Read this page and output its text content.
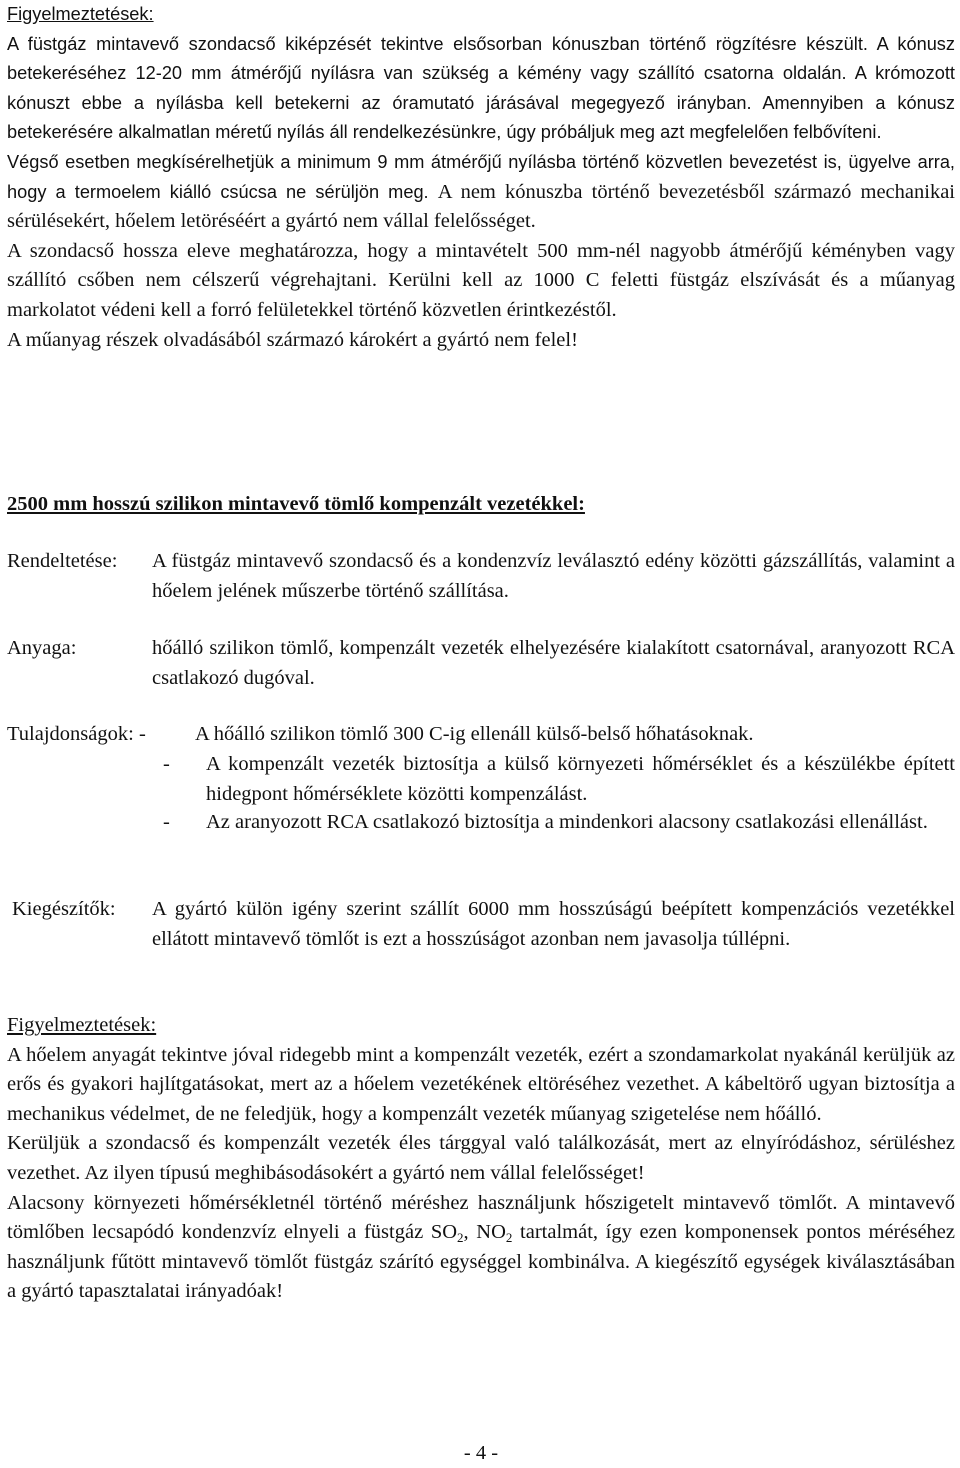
Figyelmeztetések:

A füstgáz mintavevő szondacső kiképzését tekintve elsősorban kónuszban történő rögzítésre készült. A kónusz betekeréséhez 12-20 mm átmérőjű nyílásra van szükség a kémény vagy szállító csatorna oldalán. A krómozott kónuszt ebbe a nyílásba kell betekerni az óramutató járásával megegyező irányban. Amennyiben a kónusz betekerésére alkalmatlan méretű nyílás áll rendelkezésünkre, úgy próbáljuk meg azt megfelelően felbővíteni.

Végső esetben megkísérelhetjük a minimum 9 mm átmérőjű nyílásba történő közvetlen bevezetést is, ügyelve arra, hogy a termoelem kiálló csúcsa ne sérüljön meg. A nem kónuszba történő bevezetésből származó mechanikai sérülésekért, hőelem letöréséért a gyártó nem vállal felelősséget.

A szondacső hossza eleve meghatározza, hogy a mintavételt 500 mm-nél nagyobb átmérőjű kéményben vagy szállító csőben nem célszerű végrehajtani. Kerülni kell az 1000 C feletti füstgáz elszívását és a műanyag markolatot védeni kell a forró felületekkel történő közvetlen érintkezéstől.

A műanyag részek olvadásából származó károkért a gyártó nem felel!

2500 mm hosszú szilikon mintavevő tömlő kompenzált vezetékkel:
Rendeltetése: A füstgáz mintavevő szondacső és a kondenzvíz leválasztó edény közötti gázszállítás, valamint a hőelem jelének műszerbe történő szállítása.
Anyaga:	hőálló szilikon tömlő, kompenzált vezeték elhelyezésére kialakított csatornával, aranyozott RCA csatlakozó dugóval.
Tulajdonságok: - A hőálló szilikon tömlő 300 C-ig ellenáll külső-belső hőhatásoknak.
- A kompenzált vezeték biztosítja a külső környezeti hőmérséklet és a készülékbe épített hidegpont hőmérséklete közötti kompenzálást.
- Az aranyozott RCA csatlakozó biztosítja a mindenkori alacsony csatlakozási ellenállást.
Kiegészítők: A gyártó külön igény szerint szállít 6000 mm hosszúságú beépített kompenzációs vezetékkel ellátott mintavevő tömlőt is ezt a hosszúságot azonban nem javasolja túllépni.

Figyelmeztetések:

A hőelem anyagát tekintve jóval ridegebb mint a kompenzált vezeték, ezért a szondamarkolat nyakánál kerüljük az erős és gyakori hajlítgatásokat, mert az a hőelem vezetékének eltöréséhez vezethet. A kábeltörő ugyan biztosítja a mechanikus védelmet, de ne feledjük, hogy a kompenzált vezeték műanyag szigetelése nem hőálló.

Kerüljük a szondacső és kompenzált vezeték éles tárggyal való találkozását, mert az elnyíródáshoz, sérüléshez vezethet. Az ilyen típusú meghibásodásokért a gyártó nem vállal felelősséget!

Alacsony környezeti hőmérsékletnél történő méréshez használjunk hőszigetelt mintavevő tömlőt. A mintavevő tömlőben lecsapódó kondenzvíz elnyeli a füstgáz $SO_2$, $NO_2$ tartalmát, így ezen komponensek pontos méréséhez használjunk fűtött mintavevő tömlőt füstgáz szárító egységgel kombinálva. A kiegészítő egységek kiválasztásában a gyártó tapasztalatai irányadóak!

- 4 -
